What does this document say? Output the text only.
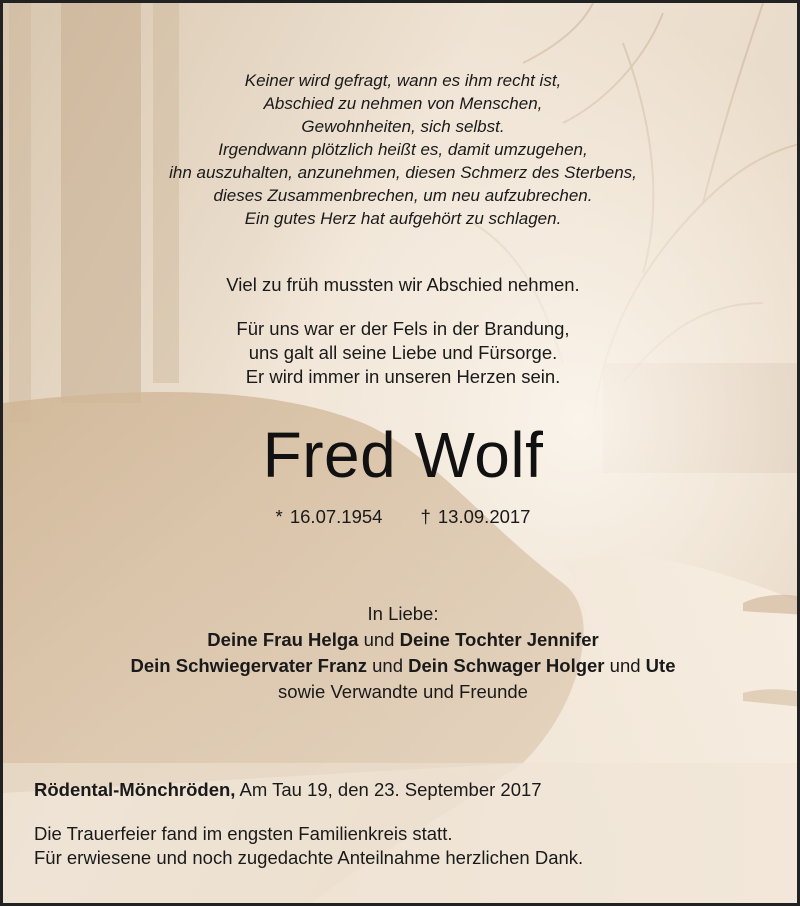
Keiner wird gefragt, wann es ihm recht ist,
Abschied zu nehmen von Menschen,
Gewohnheiten, sich selbst.
Irgendwann plötzlich heißt es, damit umzugehen,
ihn auszuhalten, anzunehmen, diesen Schmerz des Sterbens,
dieses Zusammenbrechen, um neu aufzubrechen.
Ein gutes Herz hat aufgehört zu schlagen.
Viel zu früh mussten wir Abschied nehmen.
Für uns war er der Fels in der Brandung,
uns galt all seine Liebe und Fürsorge.
Er wird immer in unseren Herzen sein.
Fred Wolf
* 16.07.1954 † 13.09.2017
In Liebe:
Deine Frau Helga und Deine Tochter Jennifer
Dein Schwiegervater Franz und Dein Schwager Holger und Ute
sowie Verwandte und Freunde
Rödental-Mönchröden, Am Tau 19, den 23. September 2017
Die Trauerfeier fand im engsten Familienkreis statt.
Für erwiesene und noch zugedachte Anteilnahme herzlichen Dank.
